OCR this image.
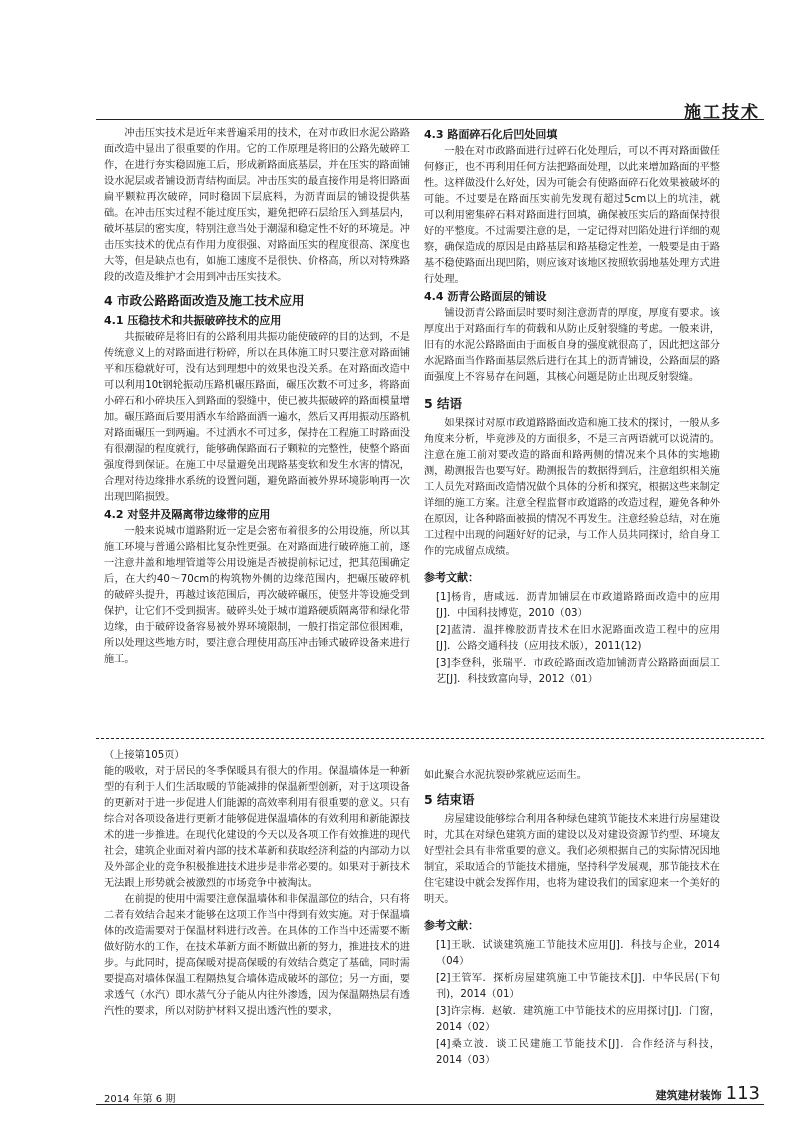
施工技术

冲击压实技术是近年来普遍采用的技术，在对市政旧水泥公路路面改造中显出了很重要的作用。它的工作原理是将旧的公路先破碎工作，在进行夯实稳固施工后，形成新路面底基层，并在压实的路面铺设水泥层或者铺设沥青结构面层。冲击压实的最直接作用是将旧路面扁平颗粒再次破碎，同时稳固下层底料，为沥青面层的铺设提供基础。在冲击压实过程不能过度压实，避免把碎石层给压入到基层内，破坏基层的密实度，特别注意当处于潮湿和稳定性不好的环境是。冲击压实技术的优点有作用力度很强、对路面压实的程度很高、深度也大等，但是缺点也有，如施工速度不是很快、价格高，所以对特殊路段的改造及维护才会用到冲击压实技术。

4 市政公路路面改造及施工技术应用
4.1 压稳技术和共振破碎技术的应用

共振破碎是将旧有的公路利用共振功能使破碎的目的达到，不是传统意义上的对路面进行粉碎，所以在具体施工时只要注意对路面铺平和压稳就好可，没有达到理想中的效果也没关系。在对路面改造中可以利用10t钢轮振动压路机碾压路面，碾压次数不可过多，将路面小碎石和小碎块压入到路面的裂缝中，使已被共振破碎的路面模量增加。碾压路面后要用洒水车给路面洒一遍水，然后又再用振动压路机对路面碾压一到两遍。不过洒水不可过多，保持在工程施工时路面没有很潮湿的程度就行，能够确保路面石子颗粒的完整性，使整个路面强度得到保证。在施工中尽量避免出现路基变软和发生水害的情况，合理对待边缘排水系统的设置问题，避免路面被外界环境影响再一次出现凹陷损毁。

4.2 对竖井及隔离带边缘带的应用

一般来说城市道路附近一定是会密布着很多的公用设施，所以其施工环境与普通公路相比复杂性更强。在对路面进行破碎施工前，逐一注意井盖和地埋管道等公用设施是否被提前标记过，把其范围确定后，在大约40～70cm的构筑物外侧的边缘范围内，把碾压破碎机的破碎头提升，再越过该范围后，再次破碎碾压，使竖井等设施受到保护，让它们不受到损害。破碎头处于城市道路硬质隔离带和绿化带边缘，由于破碎设备容易被外界环境限制，一般打指定部位很困难，所以处理这些地方时，要注意合理使用高压冲击锤式破碎设备来进行施工。

4.3 路面碎石化后凹处回填

一般在对市政路面进行过碎石化处理后，可以不再对路面做任何修正，也不再利用任何方法把路面处理，以此来增加路面的平整性。这样做没什么好处，因为可能会有使路面碎石化效果被破坏的可能。不过要是在路面压实前先发现有超过5cm以上的坑洼，就可以利用密集碎石料对路面进行回填，确保被压实后的路面保持很好的平整度。不过需要注意的是，一定记得对凹陷处进行详细的观察，确保造成的原因是由路基层和路基稳定性差，一般要是由于路基不稳使路面出现凹陷，则应该对该地区按照软弱地基处理方式进行处理。

4.4 沥青公路面层的铺设

铺设沥青公路面层时要时刻注意沥青的厚度，厚度有要求。该厚度出于对路面行车的荷载和从防止反射裂缝的考虑。一般来讲，旧有的水泥公路路面由于面板自身的强度就很高了，因此把这部分水泥路面当作路面基层然后进行在其上的沥青铺设，公路面层的路面强度上不容易存在问题，其核心问题是防止出现反射裂缝。

5 结语

如果探讨对原市政道路路面改造和施工技术的探讨，一般从多角度来分析，毕竟涉及的方面很多，不是三言两语就可以说清的。注意在施工前对要改造的路面和路两侧的情况来个具体的实地勘测，勘测报告也要写好。勘测报告的数据得到后，注意组织相关施工人员先对路面改造情况做个具体的分析和探究，根据这些来制定详细的施工方案。注意全程监督市政道路的改造过程，避免各种外在原因，让各种路面被损的情况不再发生。注意经验总结，对在施工过程中出现的问题好好的记录，与工作人员共同探讨，给自身工作的完成留点成绩。

参考文献：

[1]杨肯，唐咸远．沥青加铺层在市政道路路面改造中的应用[J]．中国科技博览，2010（03）

[2]蓝清．温拌橡胶沥青技术在旧水泥路面改造工程中的应用[J]．公路交通科技（应用技术版），2011(12)

[3]李登科，张瑞平．市政砼路面改造加铺沥青公路路面面层工艺[J]．科技致富向导，2012（01）

（上接第105页）

能的吸收，对于居民的冬季保暖具有很大的作用。保温墙体是一种新型的有利于人们生活取暖的节能减排的保温新型创新，对于这项设备的更新对于进一步促进人们能源的高效率利用有很重要的意义。只有综合对各项设备进行更新才能够促进保温墙体的有效利用和新能源技术的进一步推进。在现代化建设的今天以及各项工作有效推进的现代社会，建筑企业面对着内部的技术革新和获取经济利益的内部动力以及外部企业的竞争积极推进技术进步是非常必要的。如果对于新技术无法跟上形势就会被激烈的市场竞争中被淘汰。

在前提的使用中需要注意保温墙体和非保温部位的结合，只有将二者有效结合起来才能够在这项工作当中得到有效实施。对于保温墙体的改造需要对于保温材料进行改善。在具体的工作当中还需要不断做好防水的工作，在技术革新方面不断做出新的努力，推进技术的进步。与此同时，提高保暖对提高保暖的有效结合奠定了基础，同时需要提高对墙体保温工程隔热复合墙体造成破坏的部位；另一方面，要求透气（水汽）即水蒸气分子能从内往外渗透，因为保温隔热层有透汽性的要求，所以对防护材料又提出透汽性的要求，

如此聚合水泥抗裂砂浆就应运而生。

5 结束语

房屋建设能够综合利用各种绿色建筑节能技术来进行房屋建设时，尤其在对绿色建筑方面的建设以及对建设资源节约型、环境友好型社会具有非常重要的意义。我们必须根据自己的实际情况因地制宜，采取适合的节能技术措施，坚持科学发展观，那节能技术在住宅建设中就会发挥作用，也将为建设我们的国家迎来一个美好的明天。

参考文献：

[1]王耿．试谈建筑施工节能技术应用[J]．科技与企业，2014（04）

[2]王管军．探析房屋建筑施工中节能技术[J]．中华民居(下旬刊)，2014（01）

[3]许宗梅．赵敏．建筑施工中节能技术的应用探讨[J]．门窗，2014（02）

[4]桑立波．谈工民建施工节能技术[J]．合作经济与科技，2014（03）

2014 年第 6 期	建筑建材装饰 113
